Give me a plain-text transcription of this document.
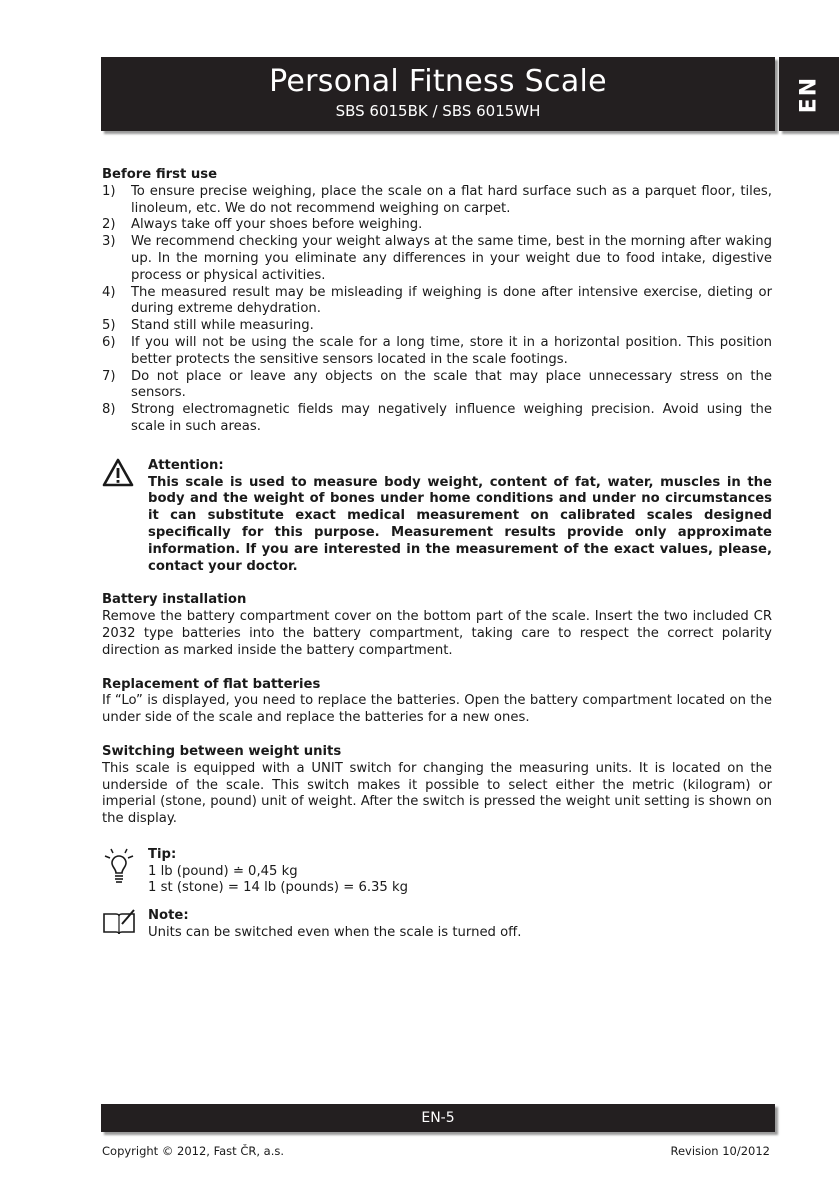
Personal Fitness Scale
SBS 6015BK / SBS 6015WH	EN
Before first use
1)	To ensure precise weighing, place the scale on a flat hard surface such as a parquet floor, tiles, linoleum, etc. We do not recommend weighing on carpet.
2)	Always take off your shoes before weighing.
3)	We recommend checking your weight always at the same time, best in the morning after waking up. In the morning you eliminate any differences in your weight due to food intake, digestive process or physical activities.
4)	The measured result may be misleading if weighing is done after intensive exercise, dieting or during extreme dehydration.
5)	Stand still while measuring.
6)	If you will not be using the scale for a long time, store it in a horizontal position. This position better protects the sensitive sensors located in the scale footings.
7)	Do not place or leave any objects on the scale that may place unnecessary stress on the sensors.
8)	Strong electromagnetic fields may negatively influence weighing precision. Avoid using the scale in such areas.
Attention:

This scale is used to measure body weight, content of fat, water, muscles in the body and the weight of bones under home conditions and under no circumstances it can substitute exact medical measurement on calibrated scales designed specifically for this purpose. Measurement results provide only approximate information. If you are interested in the measurement of the exact values, please, contact your doctor.

Battery installation

Remove the battery compartment cover on the bottom part of the scale. Insert the two included CR 2032 type batteries into the battery compartment, taking care to respect the correct polarity direction as marked inside the battery compartment.

Replacement of flat batteries

If “Lo” is displayed, you need to replace the batteries. Open the battery compartment located on the under side of the scale and replace the batteries for a new ones.

Switching between weight units

This scale is equipped with a UNIT switch for changing the measuring units. It is located on the underside of the scale. This switch makes it possible to select either the metric (kilogram) or imperial (stone, pound) unit of weight. After the switch is pressed the weight unit setting is shown on the display.

Tip:
1 lb (pound) ≐ 0,45 kg
1 st (stone) = 14 lb (pounds) = 6.35 kg
Note:
Units can be switched even when the scale is turned off.
EN-5
Copyright © 2012, Fast ČR, a.s.	Revision 10/2012
